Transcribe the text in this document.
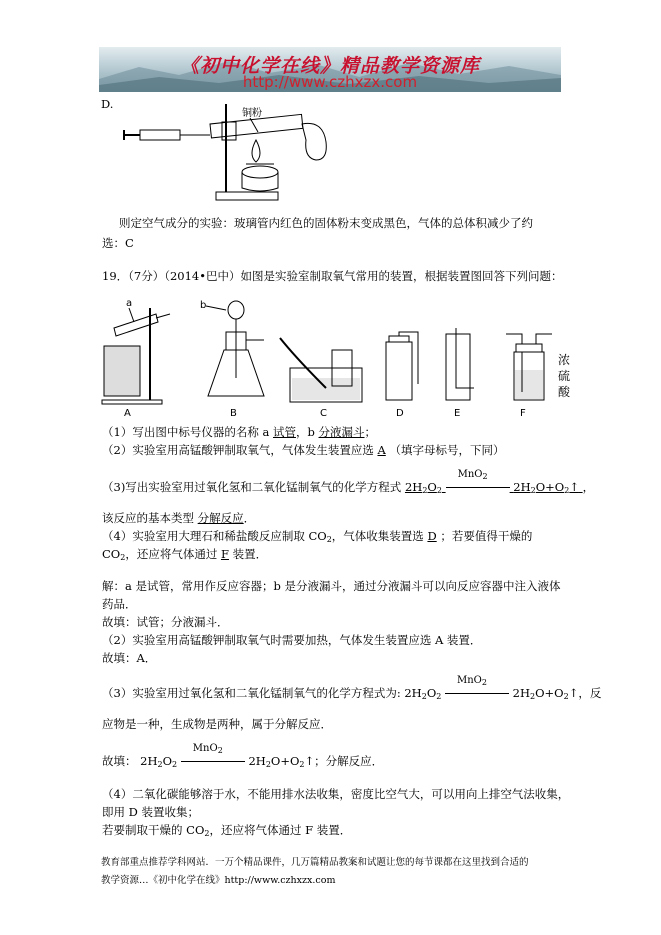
《初中化学在线》精品教学资源库
http://www.czhxzx.com
D.
铜粉
则定空气成分的实验：玻璃管内红色的固体粉末变成黑色，气体的总体积减少了约
选：C
19．（7分）（2014•巴中）如图是实验室制取氧气常用的装置，根据装置图回答下列问题：
a
A
b
B	C	D	E	F
浓
硫
酸
（1）写出图中标号仪器的名称 a 试管，b 分液漏斗；
（2）实验室用高锰酸钾制取氧气，气体发生装置应选 A （填字母标号，下同）
（3)写出实验室用过氧化氢和二氧化锰制氧气的化学方程式 $2H_2O_2$
MnO$_2$
$2H_2O+O_2↑$ ，
该反应的基本类型 分解反应．
（4）实验室用大理石和稀盐酸反应制取 $CO_2$，气体收集装置选 D ；若要值得干燥的
$CO_2$，还应将气体通过 F 装置．
解：a 是试管，常用作反应容器；b 是分液漏斗，通过分液漏斗可以向反应容器中注入液体
药品．
故填：试管；分液漏斗．
（2）实验室用高锰酸钾制取氧气时需要加热，气体发生装置应选 A 装置．
故填：A．
（3）实验室用过氧化氢和二氧化锰制氧气的化学方程式为: $2H_2O_2$
MnO$_2$
$2H_2O+O_2↑$，反
应物是一种，生成物是两种，属于分解反应．
故填： $2H_2O_2$
MnO$_2$
$2H_2O+O_2↑$；分解反应．
（4）二氧化碳能够溶于水，不能用排水法收集，密度比空气大，可以用向上排空气法收集，
即用 D 装置收集；
若要制取干燥的 $CO_2$，还应将气体通过 F 装置．
教育部重点推荐学科网站．一万个精品课件，几万篇精品教案和试题让您的每节课都在这里找到合适的
教学资源…《初中化学在线》http://www.czhxzx.com
